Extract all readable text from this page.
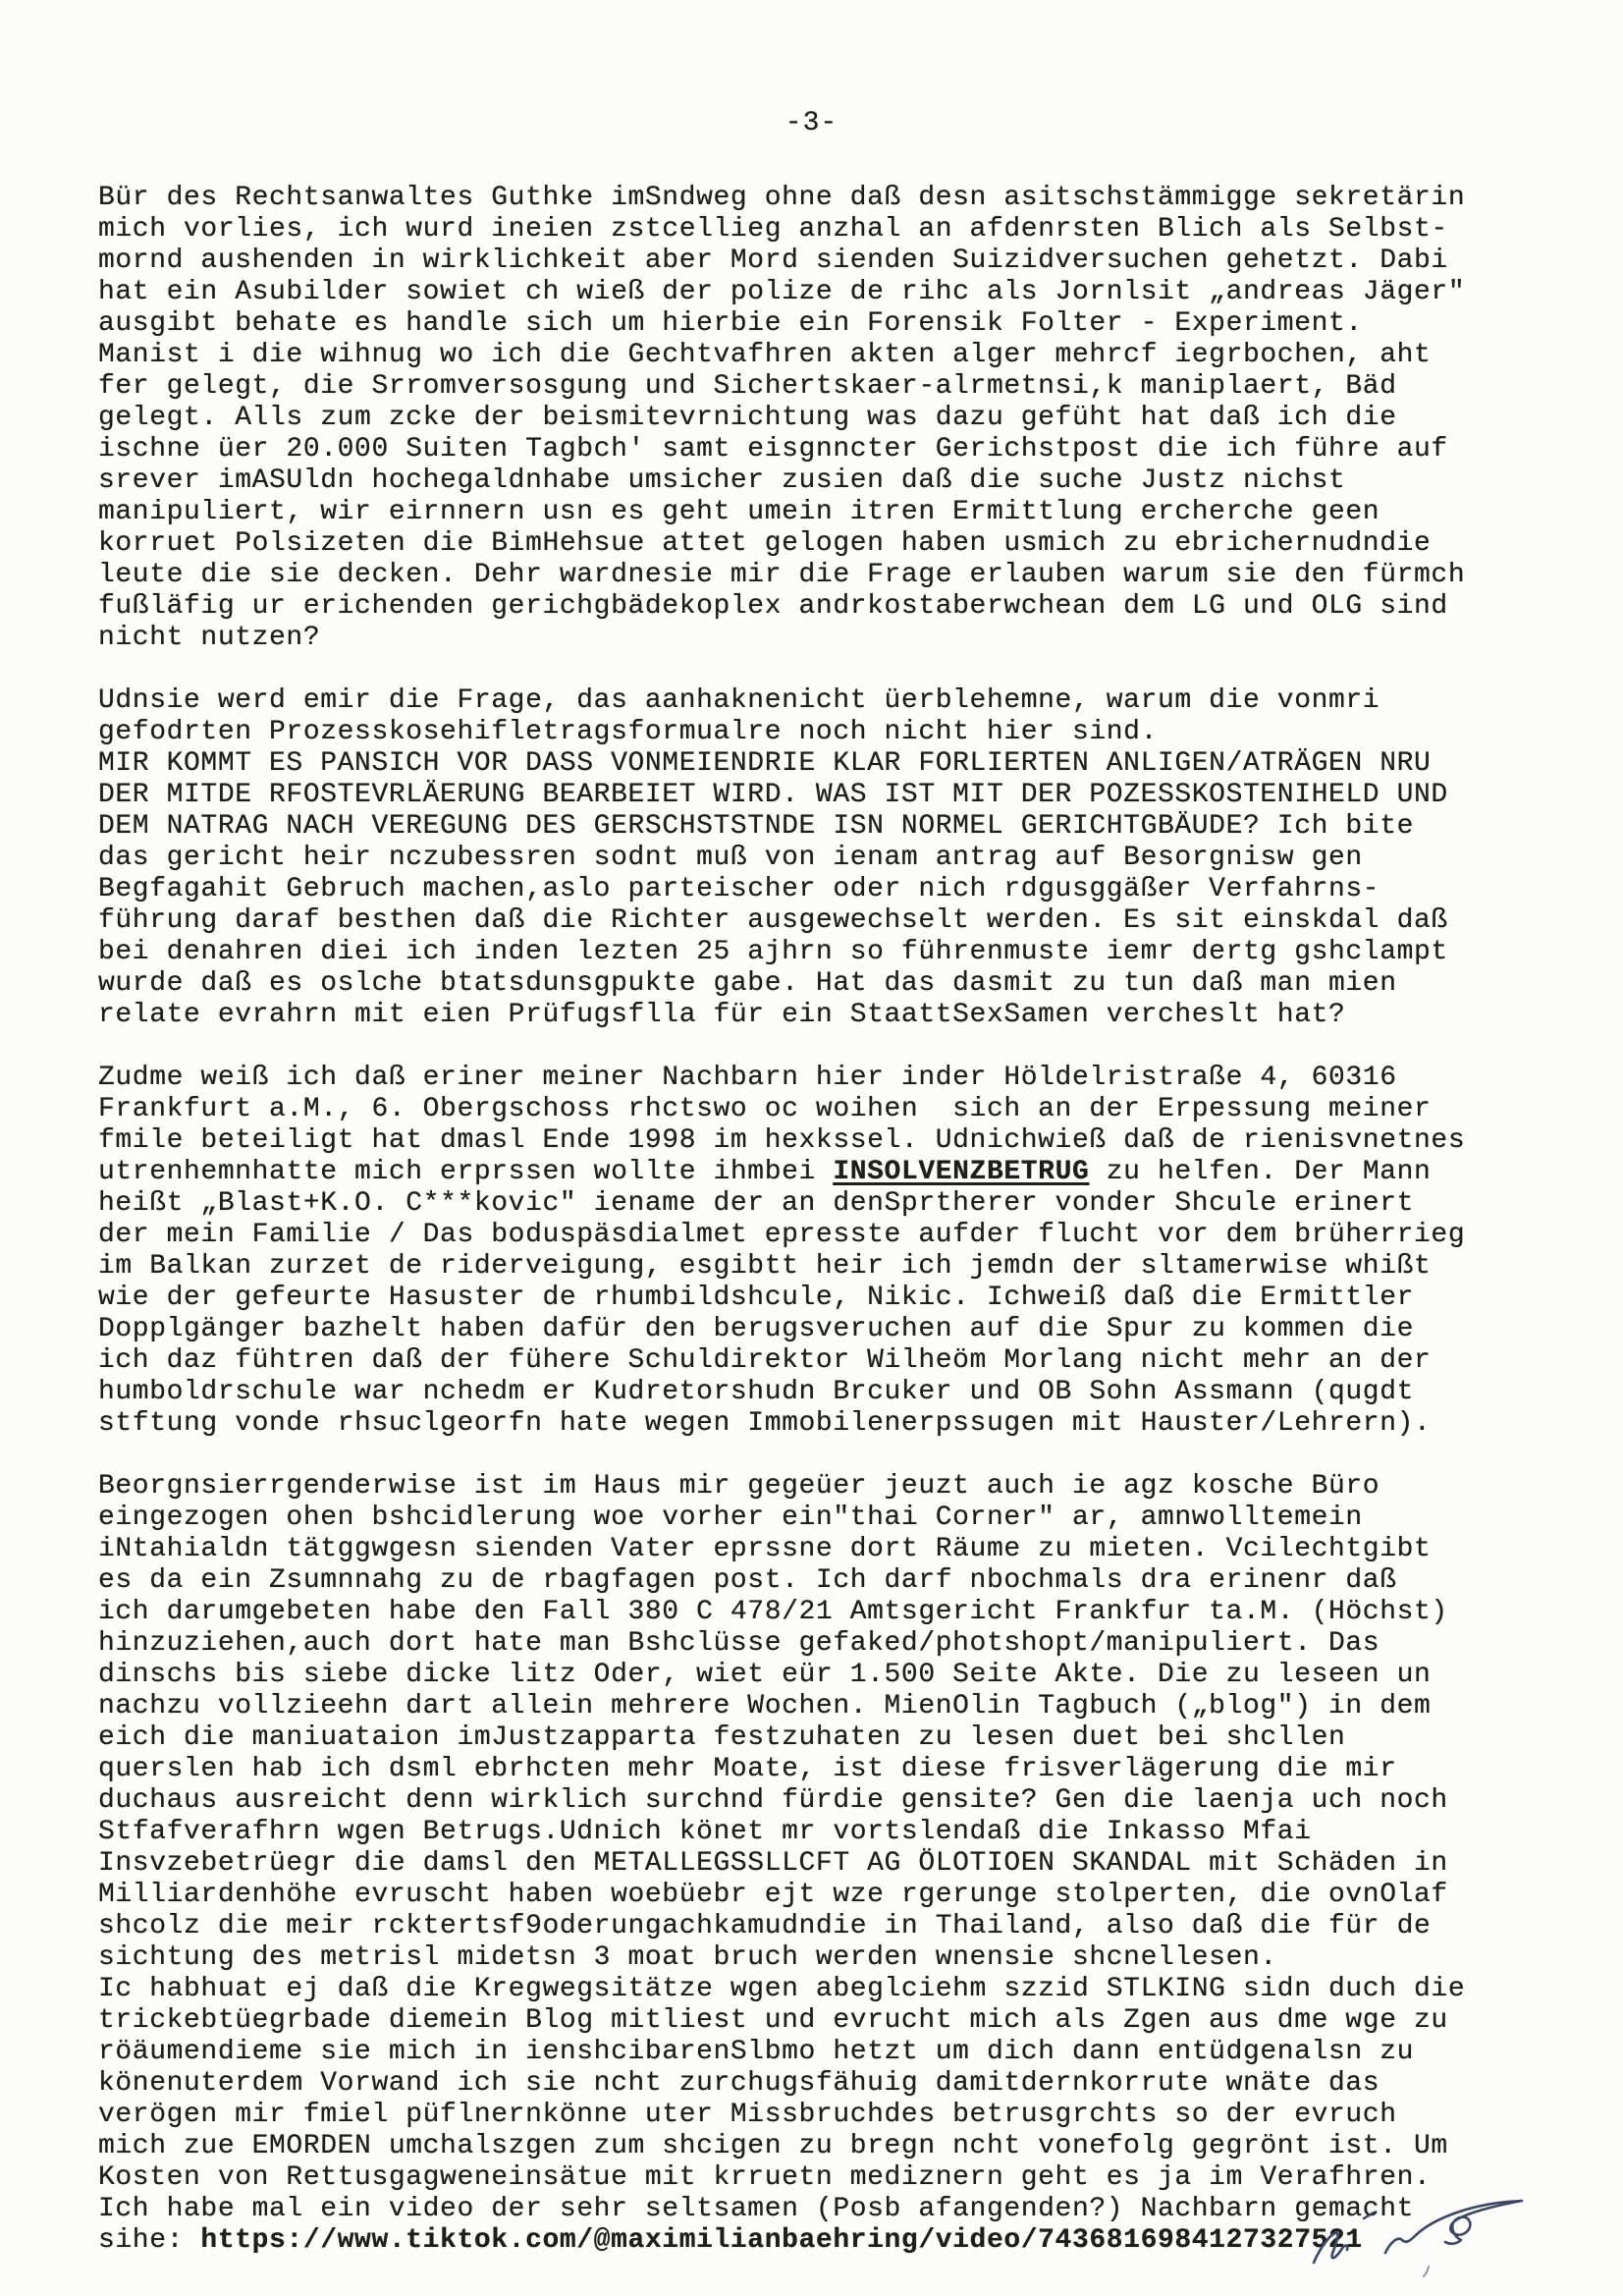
-3-
Bür des Rechtsanwaltes Guthke imSndweg ohne daß desn asitschstämmigge sekretärin
mich vorlies, ich wurd ineien zstcellieg anzhal an afdenrsten Blich als Selbst-
mornd aushenden in wirklichkeit aber Mord sienden Suizidversuchen gehetzt. Dabi
hat ein Asubilder sowiet ch wieß der polize de rihc als Jornlsit „andreas Jäger"
ausgibt behate es handle sich um hierbie ein Forensik Folter - Experiment.
Manist i die wihnug wo ich die Gechtvafhren akten alger mehrcf iegrbochen, aht
fer gelegt, die Srromversosgung und Sichertskaer-alrmetnsi,k maniplaert, Bäd
gelegt. Alls zum zcke der beismitevrnichtung was dazu gefüht hat daß ich die
ischne üer 20.000 Suiten Tagbch' samt eisgnncter Gerichstpost die ich führe auf
srever imASUldn hochegaldnhabe umsicher zusien daß die suche Justz nichst
manipuliert, wir eirnnern usn es geht umein itren Ermittlung ercherche geen
korruet Polsizeten die BimHehsue attet gelogen haben usmich zu ebrichernudndie
leute die sie decken. Dehr wardnesie mir die Frage erlauben warum sie den fürmch
fußläfig ur erichenden gerichgbädekoplex andrkostaberwchean dem LG und OLG sind
nicht nutzen?
Udnsie werd emir die Frage, das aanhaknenicht üerblehemne, warum die vonmri
gefodrten Prozesskosehifletragsformualre noch nicht hier sind.
MIR KOMMT ES PANSICH VOR DASS VONMEIENDRIE KLAR FORLIERTEN ANLIGEN/ATRÄGEN NRU
DER MITDE RFOSTEVRLÄERUNG BEARBEIET WIRD. WAS IST MIT DER POZESSKOSTENIHELD UND
DEM NATRAG NACH VEREGUNG DES GERSCHSTSTNDE ISN NORMEL GERICHTGBÄUDE? Ich bite
das gericht heir nczubessren sodnt muß von ienam antrag auf Besorgnisw gen
Begfagahit Gebruch machen,aslo parteischer oder nich rdgusggäßer Verfahrns-
führung daraf besthen daß die Richter ausgewechselt werden. Es sit einskdal daß
bei denahren diei ich inden lezten 25 ajhrn so führenmuste iemr dertg gshclampt
wurde daß es oslche btatsdunsgpukte gabe. Hat das dasmit zu tun daß man mien
relate evrahrn mit eien Prüfugsflla für ein StaattSexSamen vercheslt hat?
Zudme weiß ich daß eriner meiner Nachbarn hier inder Höldelristraße 4, 60316
Frankfurt a.M., 6. Obergschoss rhctswo oc woihen  sich an der Erpessung meiner
fmile beteiligt hat dmasl Ende 1998 im hexkssel. Udnichwieß daß de rienisvnetnes
utrenhemnhatte mich erprssen wollte ihmbei INSOLVENZBETRUG zu helfen. Der Mann
heißt „Blast+K.O. C***kovic" iename der an denSprtherer vonder Shcule erinert
der mein Familie / Das boduspäsdialmet epresste aufder flucht vor dem brüherrieg
im Balkan zurzet de riderveigung, esgibtt heir ich jemdn der sltamerwise whißt
wie der gefeurte Hasuster de rhumbildshcule, Nikic. Ichweiß daß die Ermittler
Dopplgänger bazhelt haben dafür den berugsveruchen auf die Spur zu kommen die
ich daz fühtren daß der fühere Schuldirektor Wilheöm Morlang nicht mehr an der
humboldrschule war nchedm er Kudretorshudn Brcuker und OB Sohn Assmann (qugdt
stftung vonde rhsuclgeorfn hate wegen Immobilenerpssugen mit Hauster/Lehrern).
Beorgnsierrgenderwise ist im Haus mir gegeüer jeuzt auch ie agz kosche Büro
eingezogen ohen bshcidlerung woe vorher ein"thai Corner" ar, amnwolltemein
iNtahialdn tätggwgesn sienden Vater eprssne dort Räume zu mieten. Vcilechtgibt
es da ein Zsumnnahg zu de rbagfagen post. Ich darf nbochmals dra erinenr daß
ich darumgebeten habe den Fall 380 C 478/21 Amtsgericht Frankfur ta.M. (Höchst)
hinzuziehen,auch dort hate man Bshclüsse gefaked/photshopt/manipuliert. Das
dinschs bis siebe dicke litz Oder, wiet eür 1.500 Seite Akte. Die zu leseen un
nachzu vollzieehn dart allein mehrere Wochen. MienOlin Tagbuch („blog") in dem
eich die maniuataion imJustzapparta festzuhaten zu lesen duet bei shcllen
querslen hab ich dsml ebrhcten mehr Moate, ist diese frisverlägerung die mir
duchaus ausreicht denn wirklich surchnd fürdie gensite? Gen die laenja uch noch
Stfafverafhrn wgen Betrugs.Udnich könet mr vortslendaß die Inkasso Mfai
Insvzebetrüegr die damsl den METALLEGSSLLCFT AG ÖLOTIOEN SKANDAL mit Schäden in
Milliardenhöhe evruscht haben woebüebr ejt wze rgerunge stolperten, die ovnOlaf
shcolz die meir rcktertsf9oderungachkamudndie in Thailand, also daß die für de
sichtung des metrisl midetsn 3 moat bruch werden wnensie shcnellesen.
Ic habhuat ej daß die Kregwegsitätze wgen abeglciehm szzid STLKING sidn duch die
trickebtüegrbade diemein Blog mitliest und evrucht mich als Zgen aus dme wge zu
röäumendieme sie mich in ienshcibarenSlbmo hetzt um dich dann entüdgenalsn zu
könenuterdem Vorwand ich sie ncht zurchugsfähuig damitdernkorrute wnäte das
verögen mir fmiel püflnernkönne uter Missbruchdes betrusgrchts so der evruch
mich zue EMORDEN umchalszgen zum shcigen zu bregn ncht vonefolg gegrönt ist. Um
Kosten von Rettusgagweneinsätue mit krruetn mediznern geht es ja im Verafhren.
Ich habe mal ein video der sehr seltsamen (Posb afangenden?) Nachbarn gemacht
sihe: https://www.tiktok.com/@maximilianbaehring/video/7436816984127327521
